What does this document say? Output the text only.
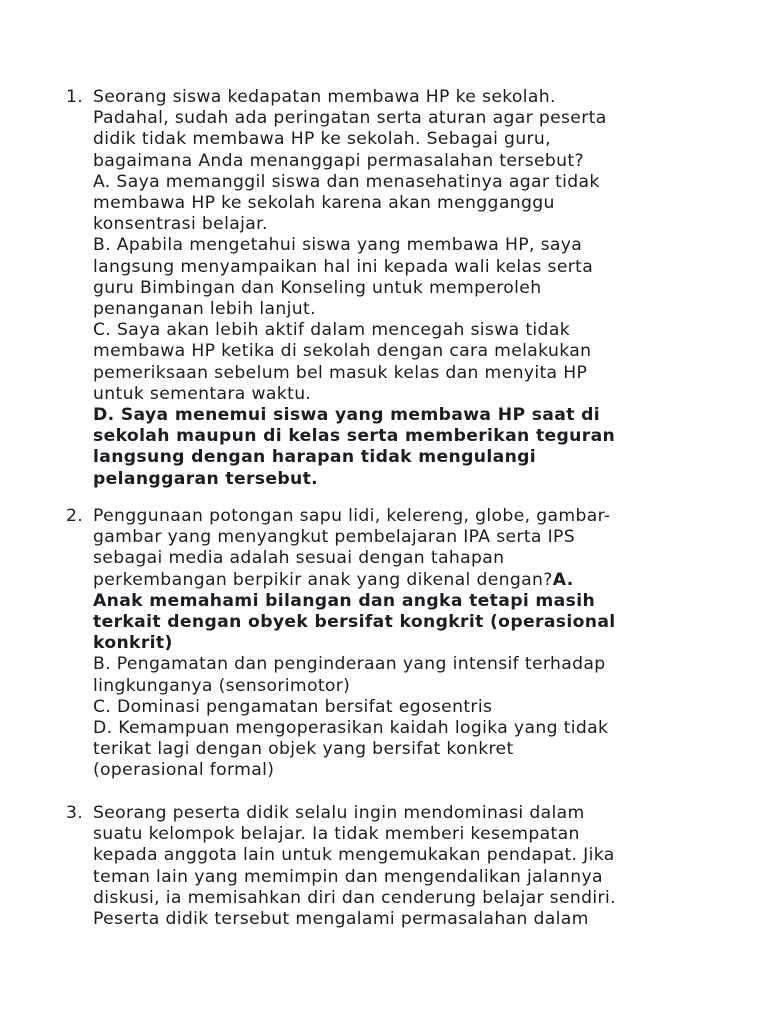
1. Seorang siswa kedapatan membawa HP ke sekolah.
Padahal, sudah ada peringatan serta aturan agar peserta
didik tidak membawa HP ke sekolah. Sebagai guru,
bagaimana Anda menanggapi permasalahan tersebut?
A. Saya memanggil siswa dan menasehatinya agar tidak
membawa HP ke sekolah karena akan mengganggu
konsentrasi belajar.
B. Apabila mengetahui siswa yang membawa HP, saya
langsung menyampaikan hal ini kepada wali kelas serta
guru Bimbingan dan Konseling untuk memperoleh
penanganan lebih lanjut.
C. Saya akan lebih aktif dalam mencegah siswa tidak
membawa HP ketika di sekolah dengan cara melakukan
pemeriksaan sebelum bel masuk kelas dan menyita HP
untuk sementara waktu.
D. Saya menemui siswa yang membawa HP saat di
sekolah maupun di kelas serta memberikan teguran
langsung dengan harapan tidak mengulangi
pelanggaran tersebut.
2. Penggunaan potongan sapu lidi, kelereng, globe, gambar-
gambar yang menyangkut pembelajaran IPA serta IPS
sebagai media adalah sesuai dengan tahapan
perkembangan berpikir anak yang dikenal dengan?A.
Anak memahami bilangan dan angka tetapi masih
terkait dengan obyek bersifat kongkrit (operasional
konkrit)
B. Pengamatan dan penginderaan yang intensif terhadap
lingkunganya (sensorimotor)
C. Dominasi pengamatan bersifat egosentris
D. Kemampuan mengoperasikan kaidah logika yang tidak
terikat lagi dengan objek yang bersifat konkret
(operasional formal)
3. Seorang peserta didik selalu ingin mendominasi dalam
suatu kelompok belajar. Ia tidak memberi kesempatan
kepada anggota lain untuk mengemukakan pendapat. Jika
teman lain yang memimpin dan mengendalikan jalannya
diskusi, ia memisahkan diri dan cenderung belajar sendiri.
Peserta didik tersebut mengalami permasalahan dalam
